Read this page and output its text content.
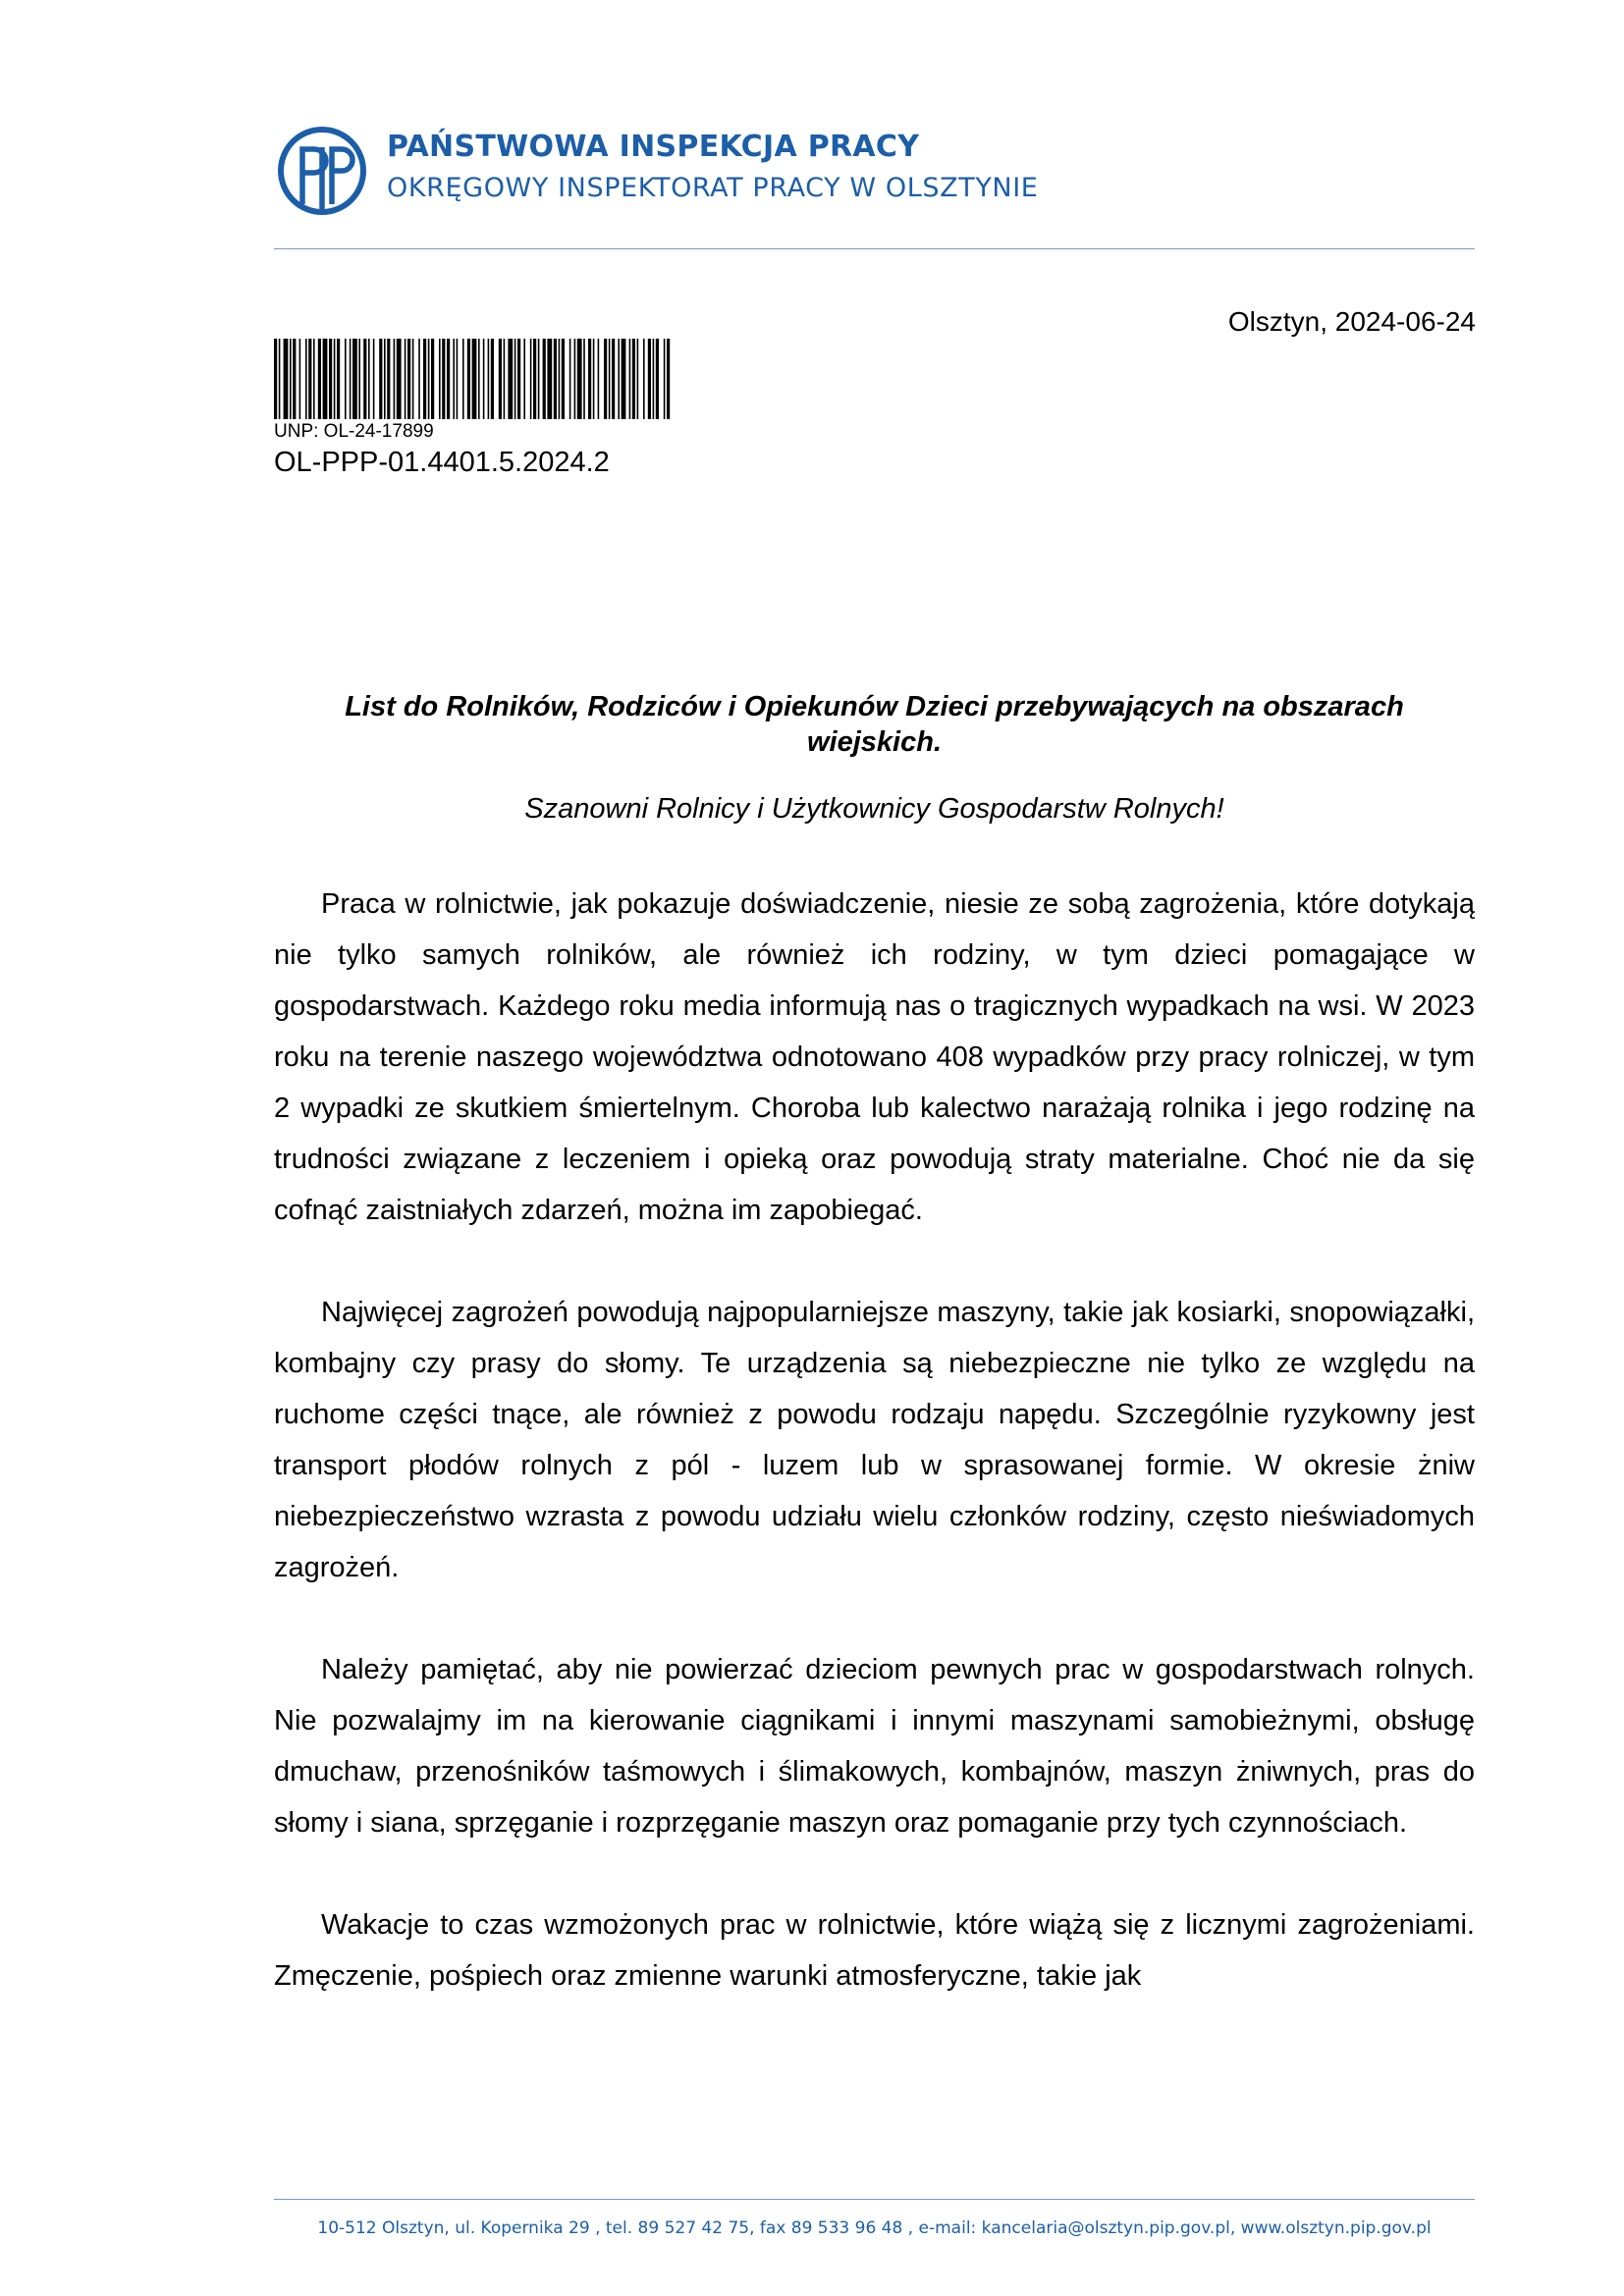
PAŃSTWOWA INSPEKCJA PRACY
OKRĘGOWY INSPEKTORAT PRACY W OLSZTYNIE
Olsztyn, 2024-06-24
UNP: OL-24-17899
OL-PPP-01.4401.5.2024.2
List do Rolników, Rodziców i Opiekunów Dzieci przebywających na obszarach wiejskich.
Szanowni Rolnicy i Użytkownicy Gospodarstw Rolnych!

Praca w rolnictwie, jak pokazuje doświadczenie, niesie ze sobą zagrożenia, które dotykają nie tylko samych rolników, ale również ich rodziny, w tym dzieci pomagające w gospodarstwach. Każdego roku media informują nas o tragicznych wypadkach na wsi. W 2023 roku na terenie naszego województwa odnotowano 408 wypadków przy pracy rolniczej, w tym 2 wypadki ze skutkiem śmiertelnym. Choroba lub kalectwo narażają rolnika i jego rodzinę na trudności związane z leczeniem i opieką oraz powodują straty materialne. Choć nie da się cofnąć zaistniałych zdarzeń, można im zapobiegać.

Najwięcej zagrożeń powodują najpopularniejsze maszyny, takie jak kosiarki, snopowiązałki, kombajny czy prasy do słomy. Te urządzenia są niebezpieczne nie tylko ze względu na ruchome części tnące, ale również z powodu rodzaju napędu. Szczególnie ryzykowny jest transport płodów rolnych z pól - luzem lub w sprasowanej formie. W okresie żniw niebezpieczeństwo wzrasta z powodu udziału wielu członków rodziny, często nieświadomych zagrożeń.

Należy pamiętać, aby nie powierzać dzieciom pewnych prac w gospodarstwach rolnych. Nie pozwalajmy im na kierowanie ciągnikami i innymi maszynami samobieżnymi, obsługę dmuchaw, przenośników taśmowych i ślimakowych, kombajnów, maszyn żniwnych, pras do słomy i siana, sprzęganie i rozprzęganie maszyn oraz pomaganie przy tych czynnościach.

Wakacje to czas wzmożonych prac w rolnictwie, które wiążą się z licznymi zagrożeniami. Zmęczenie, pośpiech oraz zmienne warunki atmosferyczne, takie jak

10-512 Olsztyn, ul. Kopernika 29 , tel. 89 527 42 75, fax 89 533 96 48 , e-mail: kancelaria@olsztyn.pip.gov.pl, www.olsztyn.pip.gov.pl
